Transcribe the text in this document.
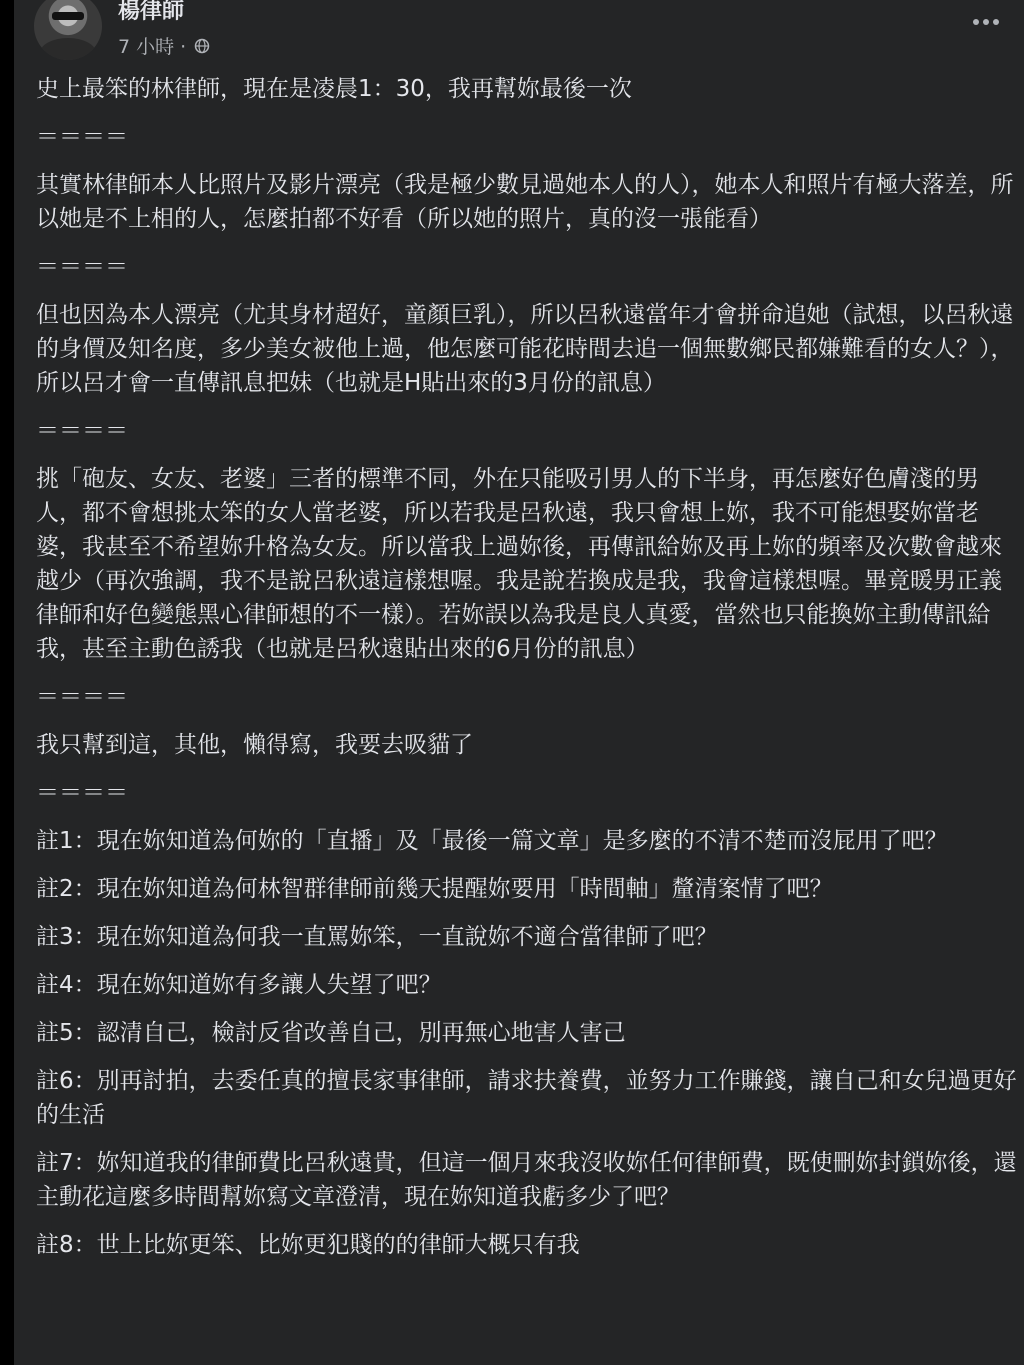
楊律師
7 小時 ·

史上最笨的林律師，現在是凌晨1：30，我再幫妳最後一次

＝＝＝＝

其實林律師本人比照片及影片漂亮（我是極少數見過她本人的人），她本人和照片有極大落差，所以她是不上相的人，怎麼拍都不好看（所以她的照片，真的沒一張能看）

＝＝＝＝

但也因為本人漂亮（尤其身材超好，童顏巨乳），所以呂秋遠當年才會拼命追她（試想，以呂秋遠的身價及知名度，多少美女被他上過，他怎麼可能花時間去追一個無數鄉民都嫌難看的女人？），所以呂才會一直傳訊息把妹（也就是H貼出來的3月份的訊息）

＝＝＝＝

挑「砲友、女友、老婆」三者的標準不同，外在只能吸引男人的下半身，再怎麼好色膚淺的男人，都不會想挑太笨的女人當老婆，所以若我是呂秋遠，我只會想上妳，我不可能想娶妳當老婆，我甚至不希望妳升格為女友。所以當我上過妳後，再傳訊給妳及再上妳的頻率及次數會越來越少（再次強調，我不是說呂秋遠這樣想喔。我是說若換成是我，我會這樣想喔。畢竟暖男正義律師和好色變態黑心律師想的不一樣）。若妳誤以為我是良人真愛，當然也只能換妳主動傳訊給我，甚至主動色誘我（也就是呂秋遠貼出來的6月份的訊息）

＝＝＝＝

我只幫到這，其他，懶得寫，我要去吸貓了

＝＝＝＝

註1：現在妳知道為何妳的「直播」及「最後一篇文章」是多麼的不清不楚而沒屁用了吧？

註2：現在妳知道為何林智群律師前幾天提醒妳要用「時間軸」釐清案情了吧？

註3：現在妳知道為何我一直罵妳笨，一直說妳不適合當律師了吧？

註4：現在妳知道妳有多讓人失望了吧？

註5：認清自己，檢討反省改善自己，別再無心地害人害己

註6：別再討拍，去委任真的擅長家事律師，請求扶養費，並努力工作賺錢，讓自己和女兒過更好的生活

註7：妳知道我的律師費比呂秋遠貴，但這一個月來我沒收妳任何律師費，既使刪妳封鎖妳後，還主動花這麼多時間幫妳寫文章澄清，現在妳知道我虧多少了吧？

註8：世上比妳更笨、比妳更犯賤的的律師大概只有我
